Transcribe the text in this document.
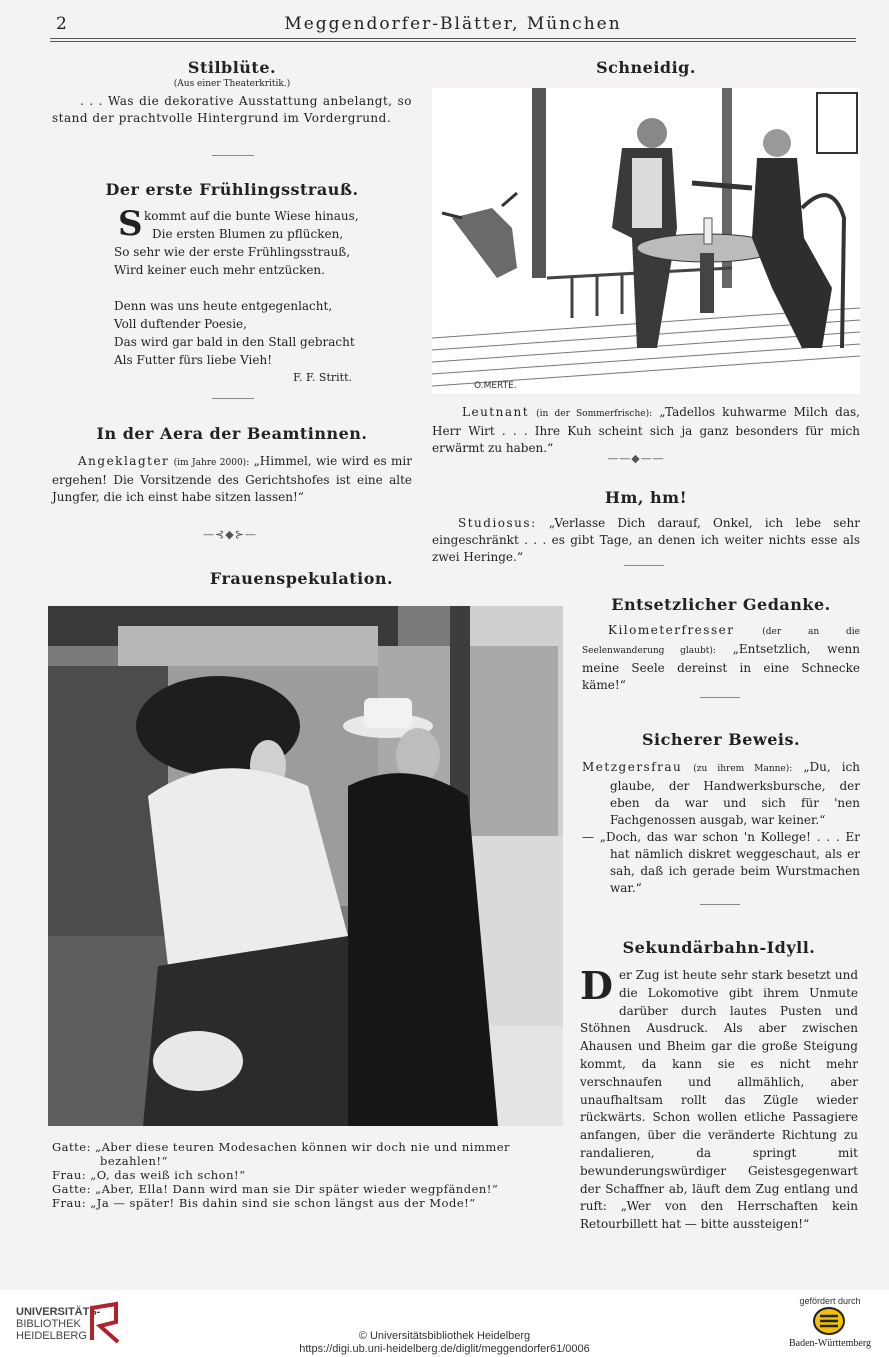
2	Meggendorfer-Blätter, München
Stilblüte.
(Aus einer Theaterkritik.)

. . . Was die dekorative Ausstattung anbelangt, so stand der prachtvolle Hintergrund im Vordergrund.

Der erste Frühlingsstrauß.
S kommt auf die bunte Wiese hinaus,
Die ersten Blumen zu pflücken,
So sehr wie der erste Frühlingsstrauß,
Wird keiner euch mehr entzücken.
Denn was uns heute entgegenlacht,
Voll duftender Poesie,
Das wird gar bald in den Stall gebracht
Als Futter fürs liebe Vieh!
F. F. Stritt.
In der Aera der Beamtinnen.

Angeklagter (im Jahre 2000): „Himmel, wie wird es mir ergehen! Die Vorsitzende des Gerichtshofes ist eine alte Jungfer, die ich einst habe sitzen lassen!“

—⊰◆⊱—
Frauenspekulation.

Gatte: „Aber diese teuren Modesachen können wir doch nie und nimmer bezahlen!“

Frau: „O, das weiß ich schon!“

Gatte: „Aber, Ella! Dann wird man sie Dir später wieder wegpfänden!“

Frau: „Ja — später! Bis dahin sind sie schon längst aus der Mode!“

Schneidig.
O.MERTE.

Leutnant (in der Sommerfrische): „Tadellos kuhwarme Milch das, Herr Wirt . . . Ihre Kuh scheint sich ja ganz besonders für mich erwärmt zu haben.“

——◆——
Hm, hm!

Studiosus: „Verlasse Dich darauf, Onkel, ich lebe sehr eingeschränkt . . . es gibt Tage, an denen ich weiter nichts esse als zwei Heringe.“

Entsetzlicher Gedanke.

Kilometerfresser	(der an die Seelenwanderung glaubt): „Entsetzlich, wenn meine Seele dereinst in eine Schnecke käme!“

Sicherer Beweis.

Metzgersfrau (zu ihrem Manne): „Du, ich glaube, der Handwerksbursche, der eben da war und sich für 'nen Fachgenossen ausgab, war keiner.“

— „Doch, das war schon 'n Kollege! . . . Er hat nämlich diskret weggeschaut, als er sah, daß ich gerade beim Wurstmachen war.“

Sekundärbahn-Idyll.

Der Zug ist heute sehr stark besetzt und die Lokomotive gibt ihrem Unmute darüber durch lautes Pusten und Stöhnen Ausdruck. Als aber zwischen Ahausen und Bheim gar die große Steigung kommt, da kann sie es nicht mehr verschnaufen und allmählich, aber unaufhaltsam rollt das Zügle wieder rückwärts. Schon wollen etliche Passagiere anfangen, über die veränderte Richtung zu randalieren, da springt mit bewunderungswürdiger Geistesgegenwart der Schaffner ab, läuft dem Zug entlang und ruft: „Wer von den Herrschaften kein Retourbillett hat — bitte aussteigen!“

UNIVERSITÄTS-
BIBLIOTHEK
HEIDELBERG	© Universitätsbibliothek Heidelberg
https://digi.ub.uni-heidelberg.de/diglit/meggendorfer61/0006
gefördert durch
Baden-Württemberg
